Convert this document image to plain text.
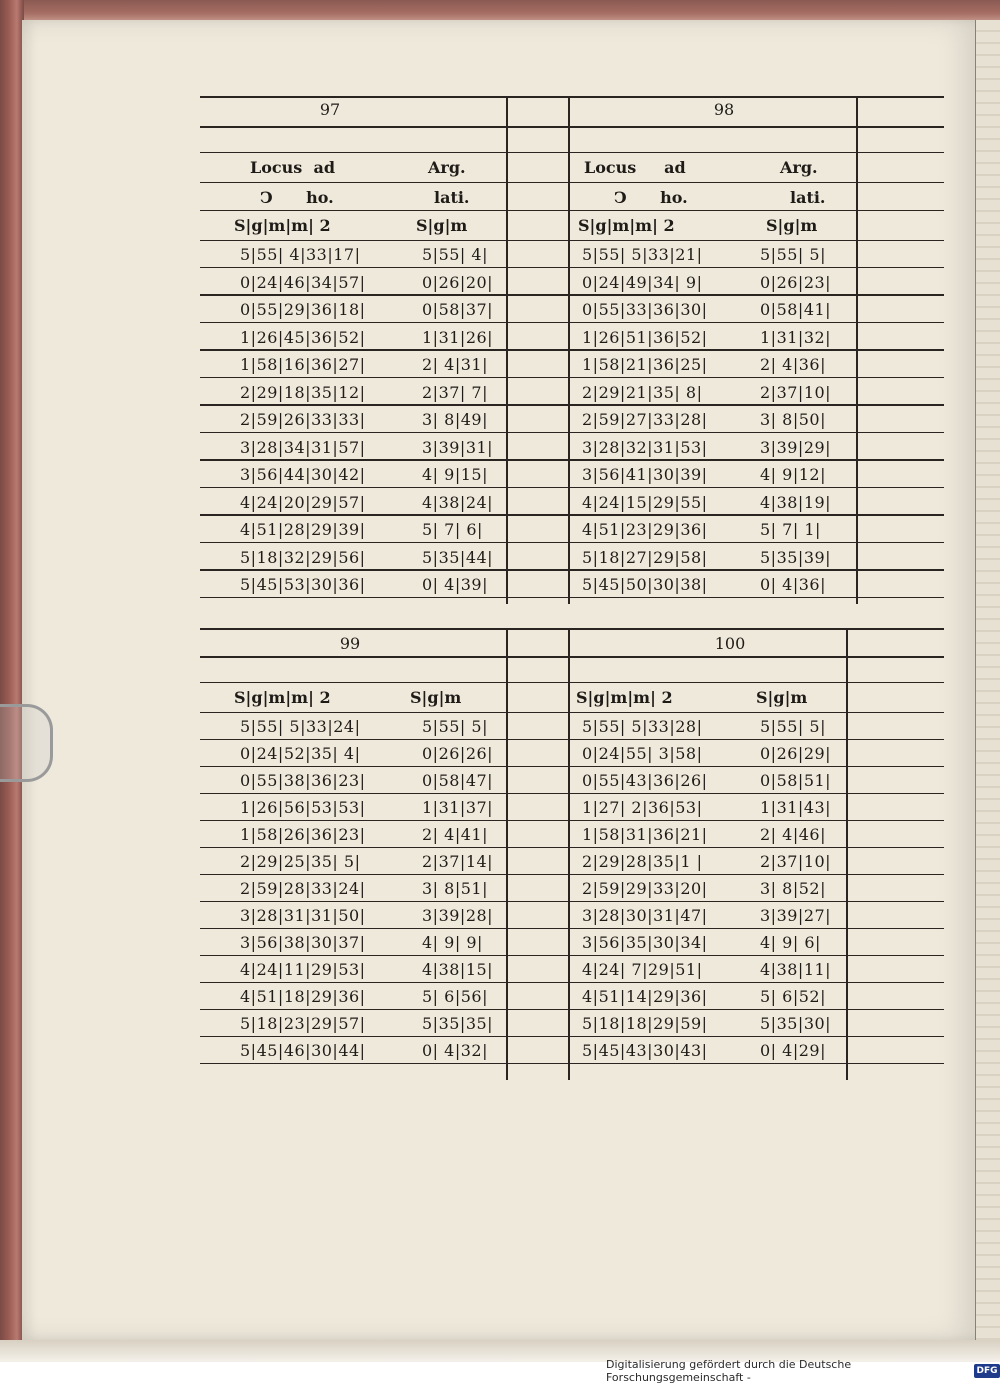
97	98
Locus  ad	Arg.	Locus     ad	Arg.
Ↄ      ho.	lati.	Ↄ      ho.	lati.
S|g|m|m| 2	S|g|m	S|g|m|m| 2	S|g|m
5|55| 4|33|17|	5|55| 4|	5|55| 5|33|21|	5|55| 5|
0|24|46|34|57|	0|26|20|	0|24|49|34| 9|	0|26|23|
0|55|29|36|18|	0|58|37|	0|55|33|36|30|	0|58|41|
1|26|45|36|52|	1|31|26|	1|26|51|36|52|	1|31|32|
1|58|16|36|27|	2| 4|31|	1|58|21|36|25|	2| 4|36|
2|29|18|35|12|	2|37| 7|	2|29|21|35| 8|	2|37|10|
2|59|26|33|33|	3| 8|49|	2|59|27|33|28|	3| 8|50|
3|28|34|31|57|	3|39|31|	3|28|32|31|53|	3|39|29|
3|56|44|30|42|	4| 9|15|	3|56|41|30|39|	4| 9|12|
4|24|20|29|57|	4|38|24|	4|24|15|29|55|	4|38|19|
4|51|28|29|39|	5| 7| 6|	4|51|23|29|36|	5| 7| 1|
5|18|32|29|56|	5|35|44|	5|18|27|29|58|	5|35|39|
5|45|53|30|36|	0| 4|39|	5|45|50|30|38|	0| 4|36|
99	100
S|g|m|m| 2	S|g|m	S|g|m|m| 2	S|g|m
5|55| 5|33|24|	5|55| 5|	5|55| 5|33|28|	5|55| 5|
0|24|52|35| 4|	0|26|26|	0|24|55| 3|58|	0|26|29|
0|55|38|36|23|	0|58|47|	0|55|43|36|26|	0|58|51|
1|26|56|53|53|	1|31|37|	1|27| 2|36|53|	1|31|43|
1|58|26|36|23|	2| 4|41|	1|58|31|36|21|	2| 4|46|
2|29|25|35| 5|	2|37|14|	2|29|28|35|1 |	2|37|10|
2|59|28|33|24|	3| 8|51|	2|59|29|33|20|	3| 8|52|
3|28|31|31|50|	3|39|28|	3|28|30|31|47|	3|39|27|
3|56|38|30|37|	4| 9| 9|	3|56|35|30|34|	4| 9| 6|
4|24|11|29|53|	4|38|15|	4|24| 7|29|51|	4|38|11|
4|51|18|29|36|	5| 6|56|	4|51|14|29|36|	5| 6|52|
5|18|23|29|57|	5|35|35|	5|18|18|29|59|	5|35|30|
5|45|46|30|44|	0| 4|32|	5|45|43|30|43|	0| 4|29|
Digitalisierung gefördert durch die Deutsche Forschungsgemeinschaft -	DFG
